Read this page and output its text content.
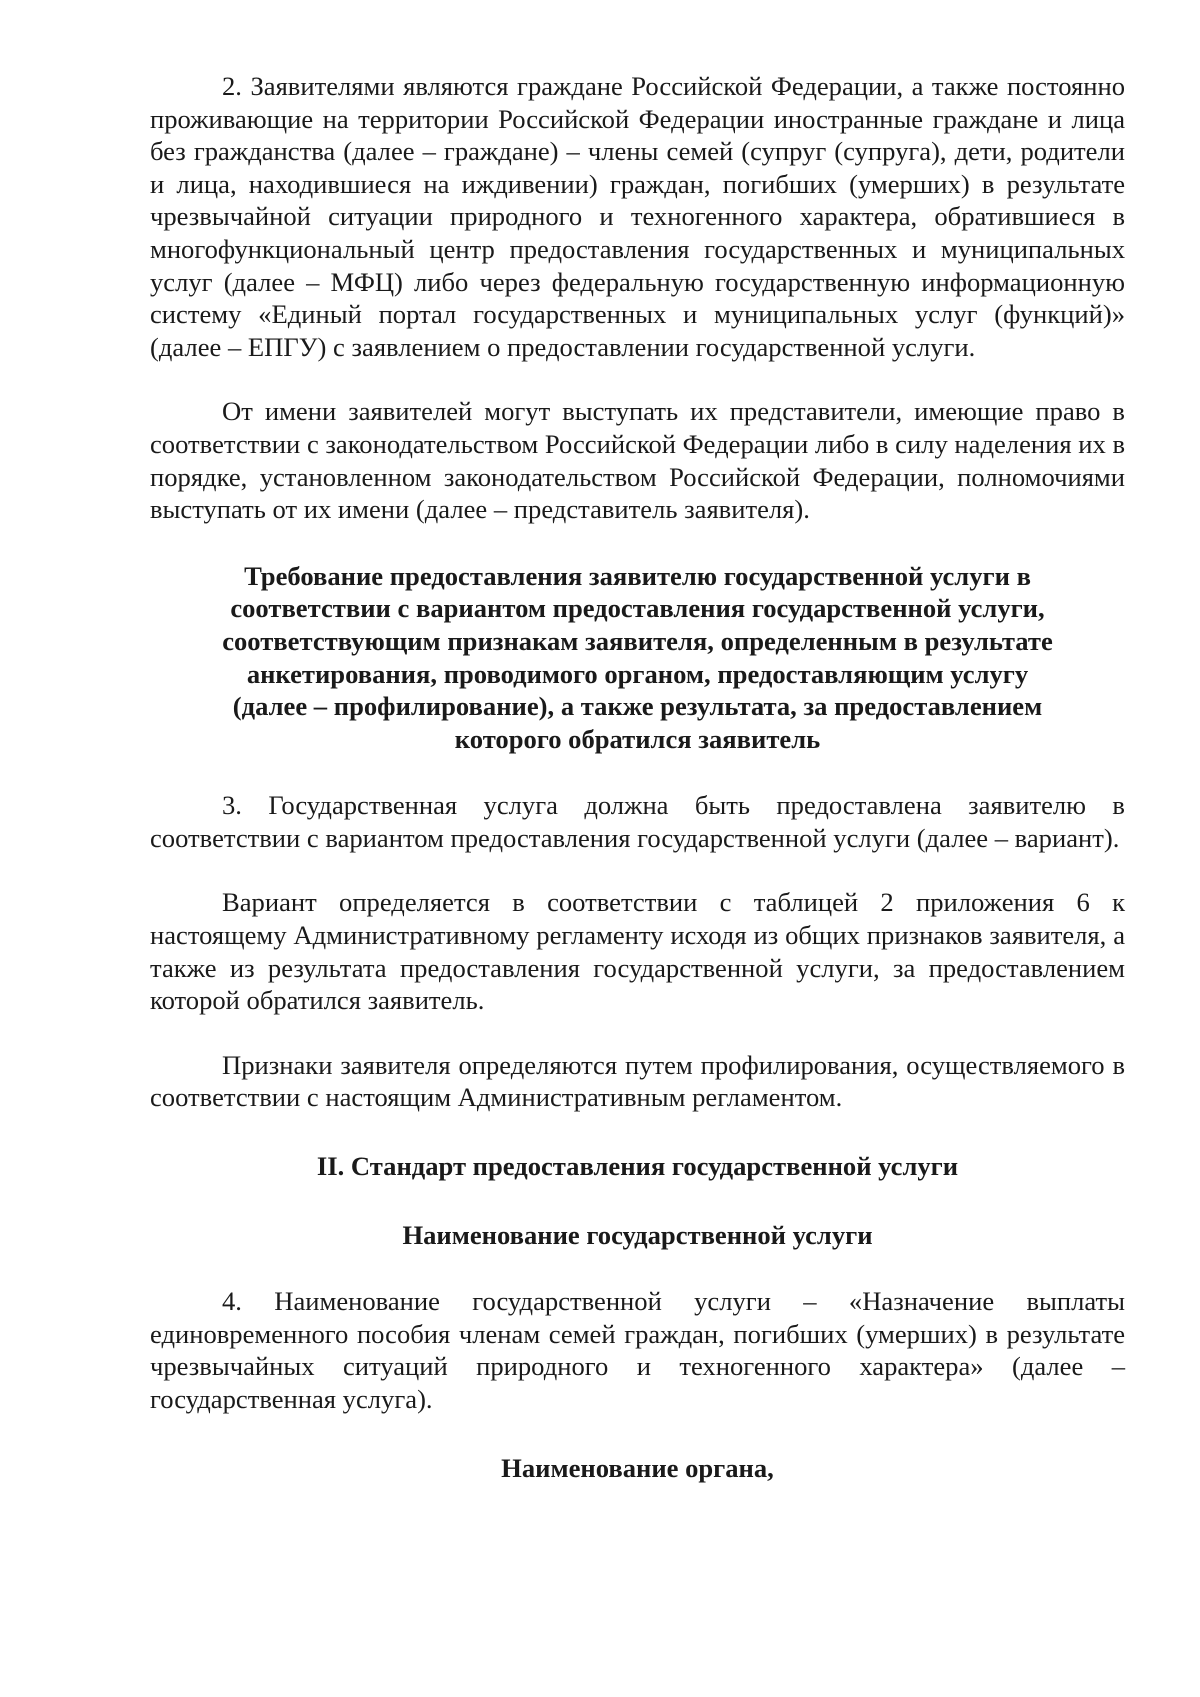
2. Заявителями являются граждане Российской Федерации, а также постоянно проживающие на территории Российской Федерации иностранные граждане и лица без гражданства (далее – граждане) – члены семей (супруг (супруга), дети, родители и лица, находившиеся на иждивении) граждан, погибших (умерших) в результате чрезвычайной ситуации природного и техногенного характера, обратившиеся в многофункциональный центр предоставления государственных и муниципальных услуг (далее – МФЦ) либо через федеральную государственную информационную систему «Единый портал государственных и муниципальных услуг (функций)» (далее – ЕПГУ) с заявлением о предоставлении государственной услуги.

От имени заявителей могут выступать их представители, имеющие право в соответствии с законодательством Российской Федерации либо в силу наделения их в порядке, установленном законодательством Российской Федерации, полномочиями выступать от их имени (далее – представитель заявителя).

Требование предоставления заявителю государственной услуги в соответствии с вариантом предоставления государственной услуги, соответствующим признакам заявителя, определенным в результате анкетирования, проводимого органом, предоставляющим услугу (далее – профилирование), а также результата, за предоставлением которого обратился заявитель

3. Государственная услуга должна быть предоставлена заявителю в соответствии с вариантом предоставления государственной услуги (далее – вариант).

Вариант определяется в соответствии с таблицей 2 приложения 6 к настоящему Административному регламенту исходя из общих признаков заявителя, а также из результата предоставления государственной услуги, за предоставлением которой обратился заявитель.

Признаки заявителя определяются путем профилирования, осуществляемого в соответствии с настоящим Административным регламентом.

II. Стандарт предоставления государственной услуги

Наименование государственной услуги

4. Наименование государственной услуги – «Назначение выплаты единовременного пособия членам семей граждан, погибших (умерших) в результате чрезвычайных ситуаций природного и техногенного характера» (далее – государственная услуга).

Наименование органа,
